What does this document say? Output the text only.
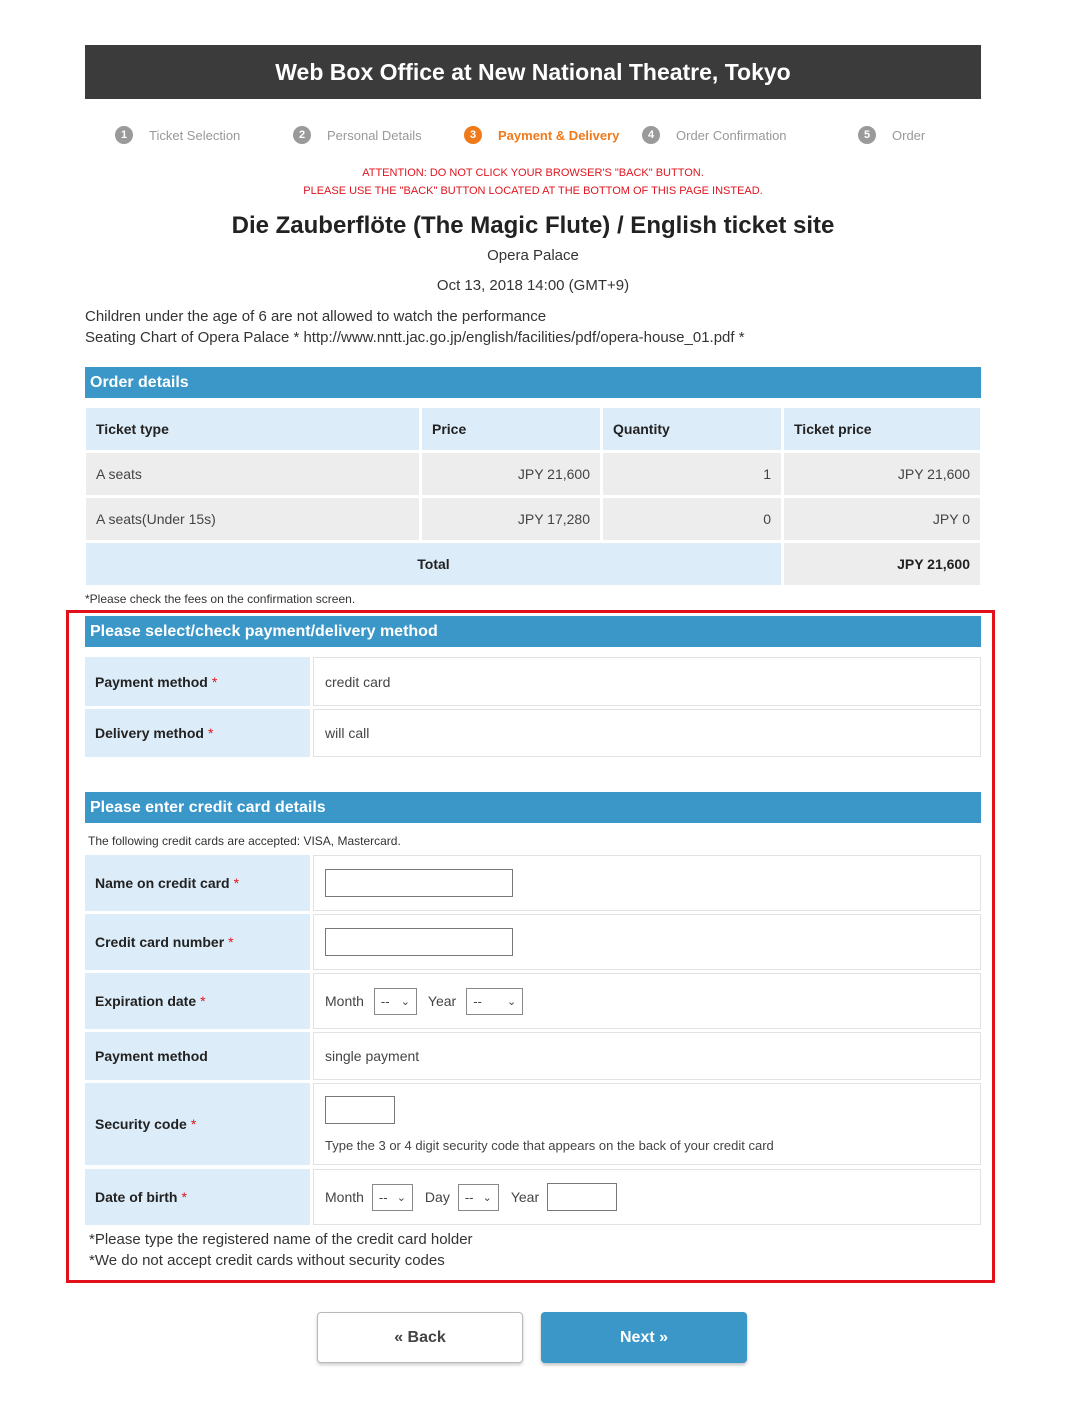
Web Box Office at New National Theatre, Tokyo
1	Ticket Selection	2	Personal Details	3	Payment & Delivery	4	Order Confirmation	5	Order
ATTENTION: DO NOT CLICK YOUR BROWSER'S "BACK" BUTTON.
PLEASE USE THE "BACK" BUTTON LOCATED AT THE BOTTOM OF THIS PAGE INSTEAD.
Die Zauberflöte (The Magic Flute) / English ticket site
Opera Palace
Oct 13, 2018 14:00 (GMT+9)
Children under the age of 6 are not allowed to watch the performance
Seating Chart of Opera Palace * http://www.nntt.jac.go.jp/english/facilities/pdf/opera-house_01.pdf *
Order details
Ticket type	Price	Quantity	Ticket price
A seats	JPY 21,600	1	JPY 21,600
A seats(Under 15s)	JPY 17,280	0	JPY 0
Total			JPY 21,600
*Please check the fees on the confirmation screen.
Please select/check payment/delivery method
Payment method *	credit card
Delivery method *	will call
Please enter credit card details
The following credit cards are accepted: VISA, Mastercard.
Name on credit card *
Credit card number *
Expiration date *	Month -- ⌄ Year -- ⌄
Payment method	single payment
Security code *
Type the 3 or 4 digit security code that appears on the back of your credit card
Date of birth *	Month -- ⌄ Day -- ⌄ Year
*Please type the registered name of the credit card holder
*We do not accept credit cards without security codes
« Back	Next »
